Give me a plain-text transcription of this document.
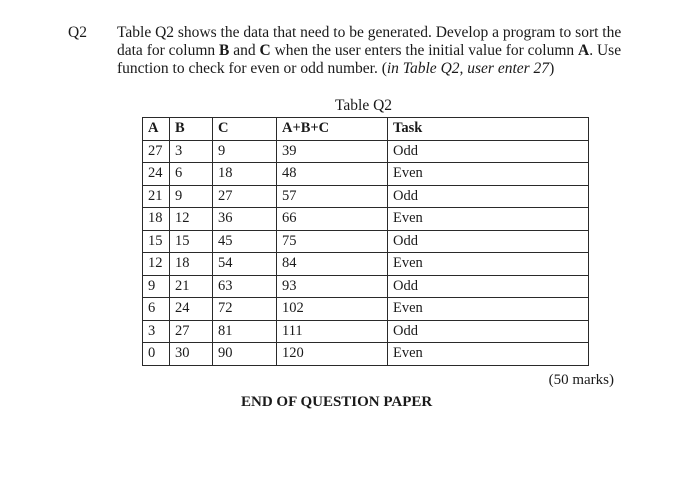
Q2 Table Q2 shows the data that need to be generated. Develop a program to sort the data for column B and C when the user enters the initial value for column A. Use function to check for even or odd number. (in Table Q2, user enter 27)
Table Q2
A	B	C	A+B+C	Task
27	3	9	39	Odd
24	6	18	48	Even
21	9	27	57	Odd
18	12	36	66	Even
15	15	45	75	Odd
12	18	54	84	Even
9	21	63	93	Odd
6	24	72	102	Even
3	27	81	111	Odd
0	30	90	120	Even
(50 marks)
END OF QUESTION PAPER
